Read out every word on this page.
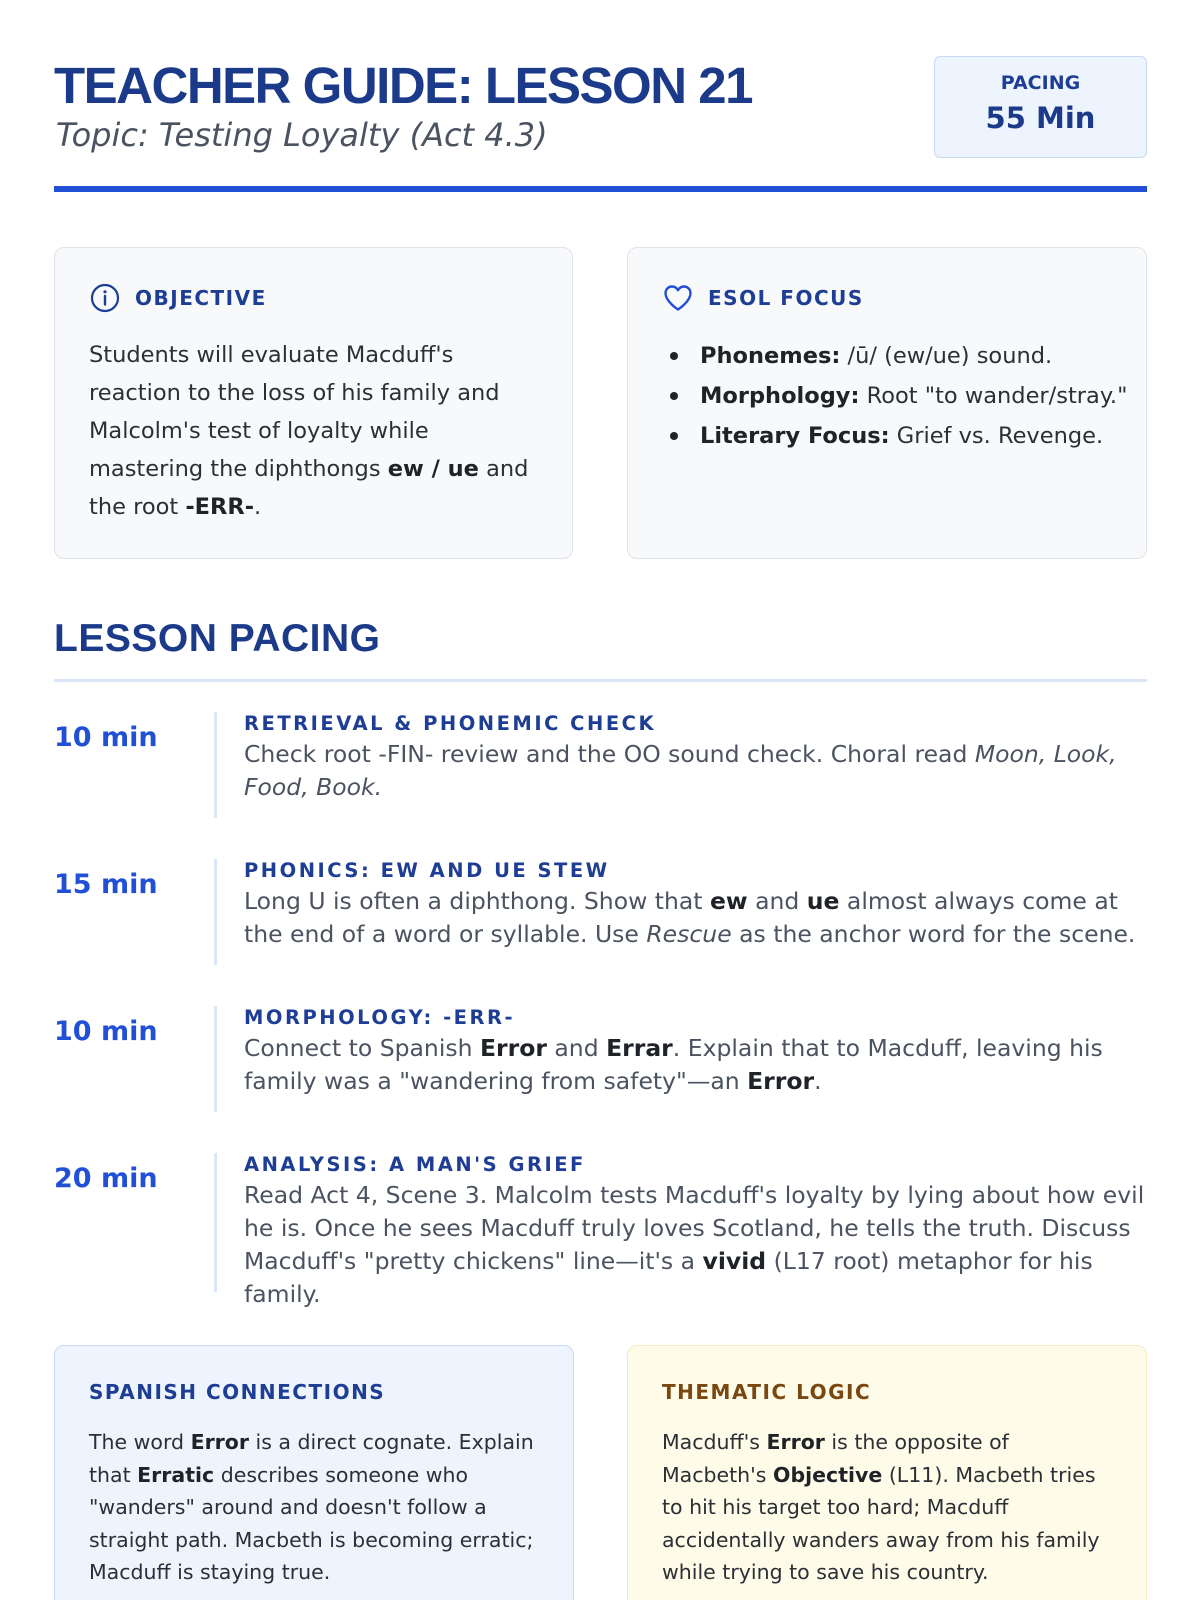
TEACHER GUIDE: LESSON 21
Topic: Testing Loyalty (Act 4.3)
PACING
55 Min
OBJECTIVE

Students will evaluate Macduff's reaction to the loss of his family and Malcolm's test of loyalty while mastering the diphthongs ew / ue and the root -ERR-.

ESOL FOCUS
Phonemes: /ū/ (ew/ue) sound.
Morphology: Root "to wander/stray."
Literary Focus: Grief vs. Revenge.
LESSON PACING
10 min	RETRIEVAL & PHONEMIC CHECK

Check root -FIN- review and the OO sound check. Choral read Moon, Look, Food, Book.

15 min	PHONICS: EW AND UE STEW

Long U is often a diphthong. Show that ew and ue almost always come at the end of a word or syllable. Use Rescue as the anchor word for the scene.

10 min	MORPHOLOGY: -ERR-

Connect to Spanish Error and Errar. Explain that to Macduff, leaving his family was a "wandering from safety"—an Error.

20 min	ANALYSIS: A MAN'S GRIEF

Read Act 4, Scene 3. Malcolm tests Macduff's loyalty by lying about how evil he is. Once he sees Macduff truly loves Scotland, he tells the truth. Discuss Macduff's "pretty chickens" line—it's a vivid (L17 root) metaphor for his family.

SPANISH CONNECTIONS

The word Error is a direct cognate. Explain that Erratic describes someone who "wanders" around and doesn't follow a straight path. Macbeth is becoming erratic; Macduff is staying true.

THEMATIC LOGIC

Macduff's Error is the opposite of Macbeth's Objective (L11). Macbeth tries to hit his target too hard; Macduff accidentally wanders away from his family while trying to save his country.
